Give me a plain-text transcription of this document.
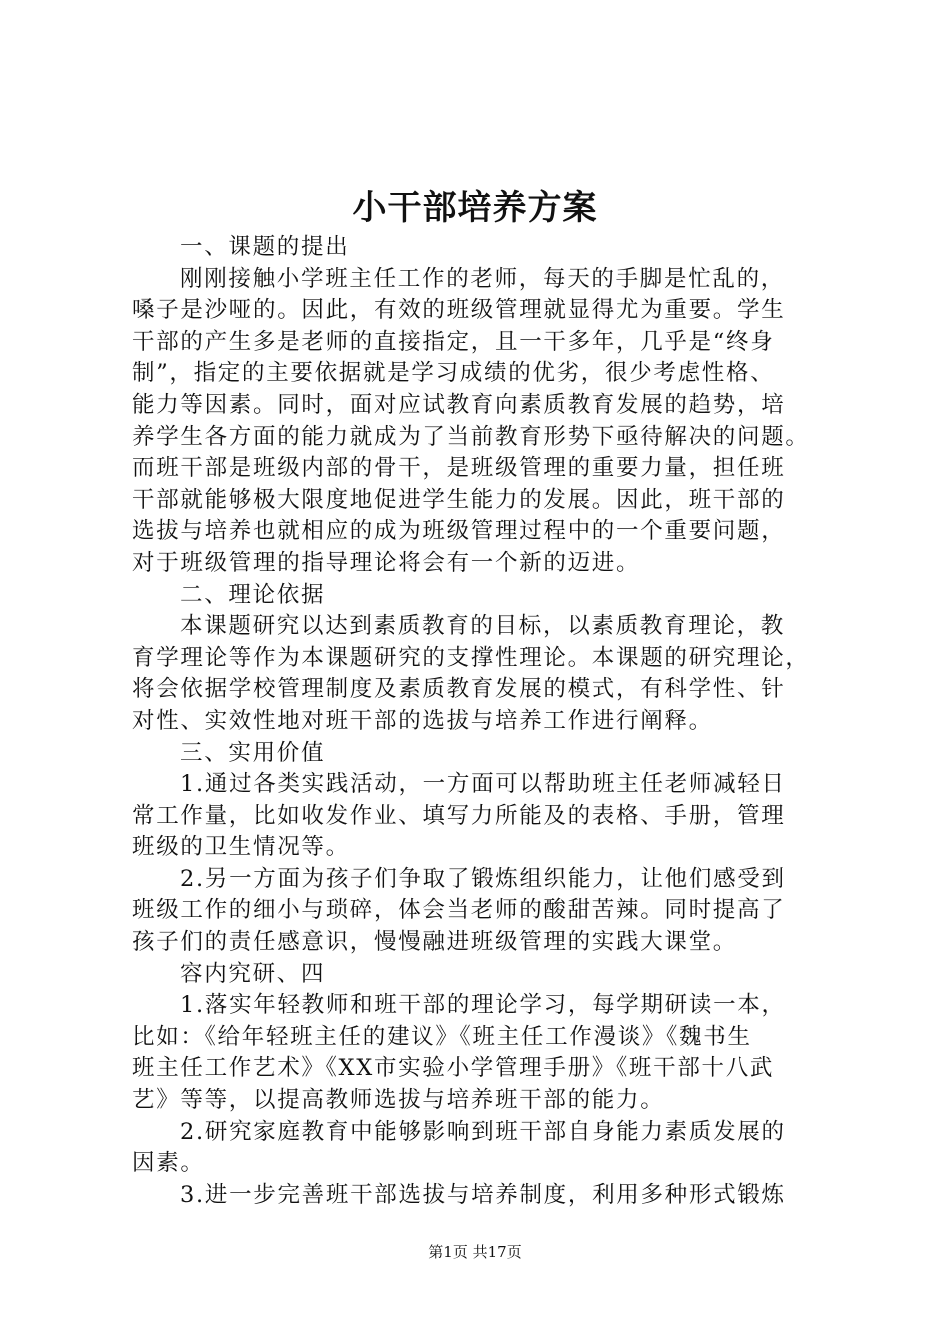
小干部培养方案
一、课题的提出
刚刚接触小学班主任工作的老师，每天的手脚是忙乱的，
嗓子是沙哑的。因此，有效的班级管理就显得尤为重要。学生
干部的产生多是老师的直接指定，且一干多年，几乎是“终身
制”，指定的主要依据就是学习成绩的优劣，很少考虑性格、
能力等因素。同时，面对应试教育向素质教育发展的趋势，培
养学生各方面的能力就成为了当前教育形势下亟待解决的问题。
而班干部是班级内部的骨干，是班级管理的重要力量，担任班
干部就能够极大限度地促进学生能力的发展。因此，班干部的
选拔与培养也就相应的成为班级管理过程中的一个重要问题，
对于班级管理的指导理论将会有一个新的迈进。
二、理论依据
本课题研究以达到素质教育的目标，以素质教育理论，教
育学理论等作为本课题研究的支撑性理论。本课题的研究理论，
将会依据学校管理制度及素质教育发展的模式，有科学性、针
对性、实效性地对班干部的选拔与培养工作进行阐释。
三、实用价值
1.通过各类实践活动，一方面可以帮助班主任老师减轻日
常工作量，比如收发作业、填写力所能及的表格、手册，管理
班级的卫生情况等。
2.另一方面为孩子们争取了锻炼组织能力，让他们感受到
班级工作的细小与琐碎，体会当老师的酸甜苦辣。同时提高了
孩子们的责任感意识，慢慢融进班级管理的实践大课堂。
容内究研、四
1.落实年轻教师和班干部的理论学习，每学期研读一本，
比如：《给年轻班主任的建议》《班主任工作漫谈》《魏书生
班主任工作艺术》《XX市实验小学管理手册》《班干部十八武
艺》等等，以提高教师选拔与培养班干部的能力。
2.研究家庭教育中能够影响到班干部自身能力素质发展的
因素。
3.进一步完善班干部选拔与培养制度，利用多种形式锻炼
第1页 共17页
